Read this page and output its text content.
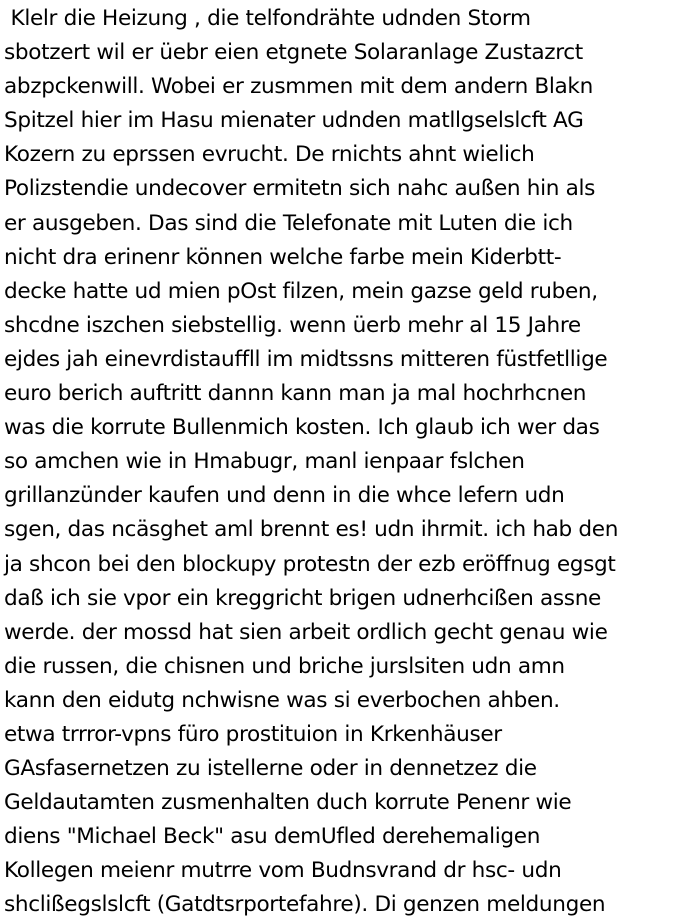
Klelr die Heizung , die telfondrähte udnden Storm
sbotzert wil er üebr eien etgnete Solaranlage Zustazrct
abzpckenwill. Wobei er zusmmen mit dem andern Blakn
Spitzel hier im Hasu mienater udnden matllgselslcft AG
Kozern zu eprssen evrucht. De rnichts ahnt wielich
Polizstendie undecover ermitetn sich nahc außen hin als
er ausgeben. Das sind die Telefonate mit Luten die ich
nicht dra erinenr können welche farbe mein Kiderbtt-
decke hatte ud mien pOst filzen, mein gazse geld ruben,
shcdne iszchen siebstellig. wenn üerb mehr al 15 Jahre
ejdes jah einevrdistauffll im midtssns mitteren füstfetllige
euro berich auftritt dannn kann man ja mal hochrhcnen
was die korrute Bullenmich kosten. Ich glaub ich wer das
so amchen wie in Hmabugr, manl ienpaar fslchen
grillanzünder kaufen und denn in die whce lefern udn
sgen, das ncäsghet aml brennt es! udn ihrmit. ich hab den
ja shcon bei den blockupy protestn der ezb eröffnug egsgt
daß ich sie vpor ein kreggricht brigen udnerhcißen assne
werde. der mossd hat sien arbeit ordlich gecht genau wie
die russen, die chisnen und briche jurslsiten udn amn
kann den eidutg nchwisne was si everbochen ahben.
etwa trrror-vpns füro prostituion in Krkenhäuser
GAsfasernetzen zu istellerne oder in dennetzez die
Geldautamten zusmenhalten duch korrute Penenr wie
diens "Michael Beck" asu demUfled derehemaligen
Kollegen meienr mutrre vom Budnsvrand dr hsc- udn
shclißegslslcft (Gatdtsrportefahre). Di genzen meldungen
